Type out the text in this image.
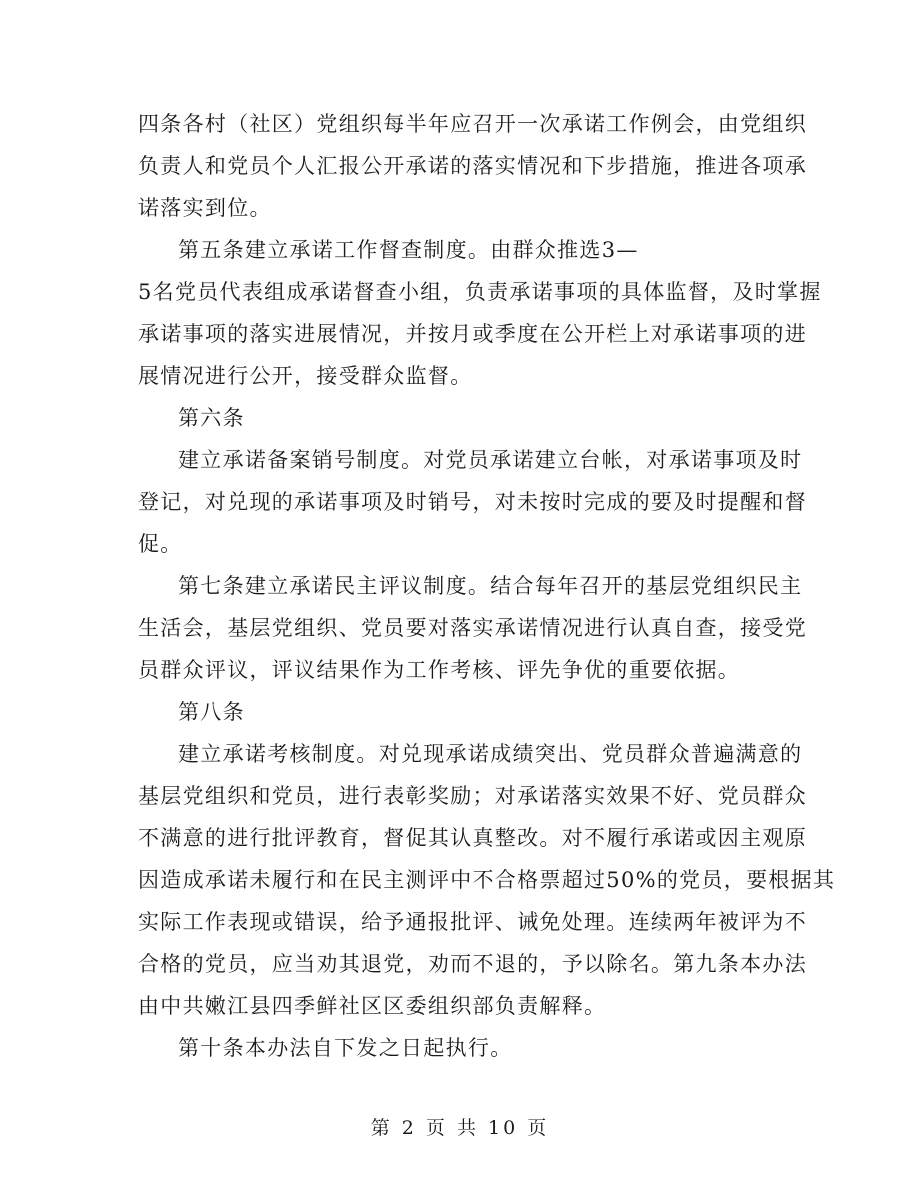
四条各村（社区）党组织每半年应召开一次承诺工作例会，由党组织
负责人和党员个人汇报公开承诺的落实情况和下步措施，推进各项承
诺落实到位。
第五条建立承诺工作督查制度。由群众推选3—
5名党员代表组成承诺督查小组，负责承诺事项的具体监督，及时掌握
承诺事项的落实进展情况，并按月或季度在公开栏上对承诺事项的进
展情况进行公开，接受群众监督。
第六条
建立承诺备案销号制度。对党员承诺建立台帐，对承诺事项及时
登记，对兑现的承诺事项及时销号，对未按时完成的要及时提醒和督
促。
第七条建立承诺民主评议制度。结合每年召开的基层党组织民主
生活会，基层党组织、党员要对落实承诺情况进行认真自查，接受党
员群众评议，评议结果作为工作考核、评先争优的重要依据。
第八条
建立承诺考核制度。对兑现承诺成绩突出、党员群众普遍满意的
基层党组织和党员，进行表彰奖励；对承诺落实效果不好、党员群众
不满意的进行批评教育，督促其认真整改。对不履行承诺或因主观原
因造成承诺未履行和在民主测评中不合格票超过50%的党员，要根据其
实际工作表现或错误，给予通报批评、诫免处理。连续两年被评为不
合格的党员，应当劝其退党，劝而不退的，予以除名。第九条本办法
由中共嫩江县四季鲜社区区委组织部负责解释。
第十条本办法自下发之日起执行。
第 2 页 共 10 页
